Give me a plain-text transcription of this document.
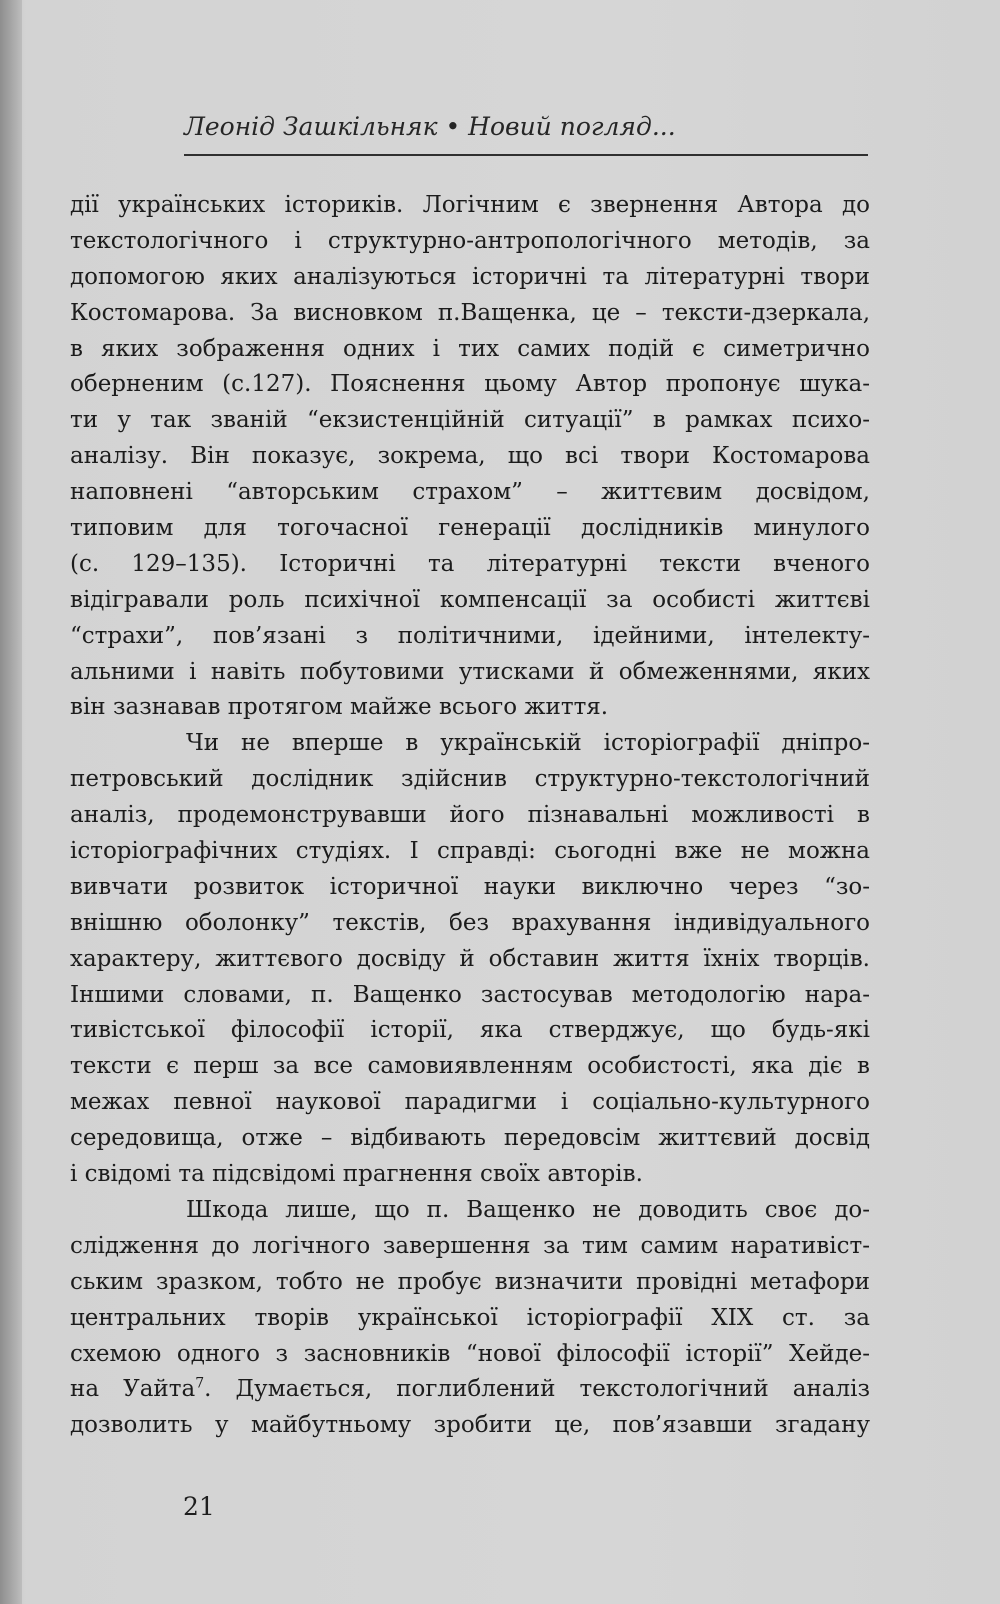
Леонід Зашкільняк • Новий погляд...
дії українських істориків. Логічним є звернення Автора до
текстологічного і структурно-антропологічного методів, за
допомогою яких аналізуються історичні та літературні твори
Костомарова. За висновком п.Ващенка, це – тексти-дзеркала,
в яких зображення одних і тих самих подій є симетрично
оберненим (с.127). Пояснення цьому Автор пропонує шука-
ти у так званій “екзистенційній ситуації” в рамках психо-
аналізу. Він показує, зокрема, що всі твори Костомарова
наповнені “авторським страхом” – життєвим досвідом,
типовим для тогочасної генерації дослідників минулого
(с. 129–135). Історичні та літературні тексти вченого
відігравали роль психічної компенсації за особисті життєві
“страхи”, пов’язані з політичними, ідейними, інтелекту-
альними і навіть побутовими утисками й обмеженнями, яких
він зазнавав протягом майже всього життя.
Чи не вперше в українській історіографії дніпро-
петровський дослідник здійснив структурно-текстологічний
аналіз, продемонструвавши його пізнавальні можливості в
історіографічних студіях. І справді: сьогодні вже не можна
вивчати розвиток історичної науки виключно через “зо-
внішню оболонку” текстів, без врахування індивідуального
характеру, життєвого досвіду й обставин життя їхніх творців.
Іншими словами, п. Ващенко застосував методологію нара-
тивістської філософії історії, яка стверджує, що будь-які
тексти є перш за все самовиявленням особистості, яка діє в
межах певної наукової парадигми і соціально-культурного
середовища, отже – відбивають передовсім життєвий досвід
і свідомі та підсвідомі прагнення своїх авторів.
Шкода лише, що п. Ващенко не доводить своє до-
слідження до логічного завершення за тим самим наративіст-
ським зразком, тобто не пробує визначити провідні метафори
центральних творів української історіографії XIX ст. за
схемою одного з засновників “нової філософії історії” Хейде-
на Уайта$^7$. Думається, поглиблений текстологічний аналіз
дозволить у майбутньому зробити це, пов’язавши згадану
21
